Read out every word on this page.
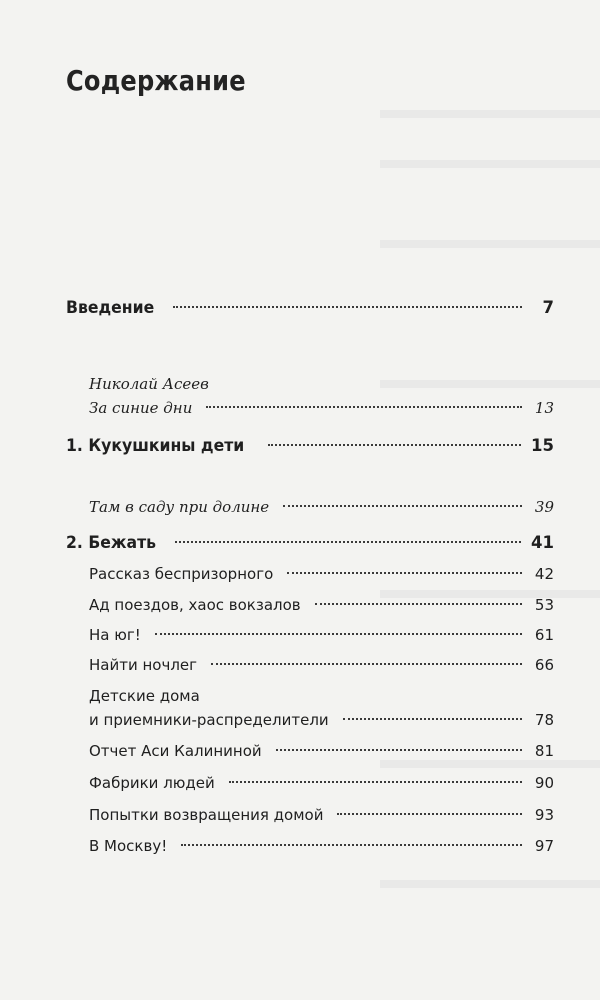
Содержание
Введение	7

Николай Асеев

За синие дни	13
1. Кукушкины дети	15
Там в саду при долине	39
2. Бежать	41
Рассказ беспризорного	42
Ад поездов, хаос вокзалов	53
На юг!	61
Найти ночлег	66

Детские дома

и приемники-распределители	78
Отчет Аси Калининой	81
Фабрики людей	90
Попытки возвращения домой	93
В Москву!	97
